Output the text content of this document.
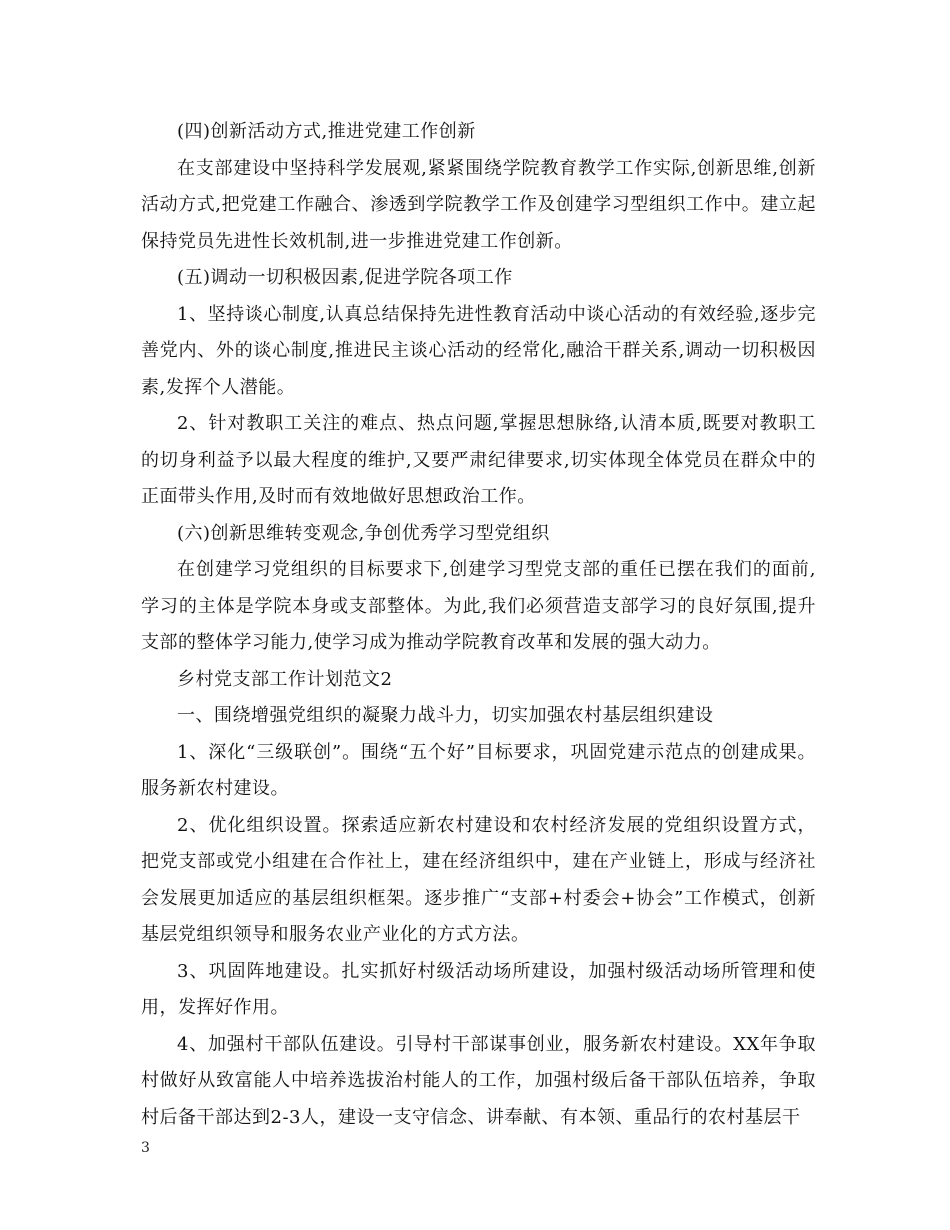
(四)创新活动方式,推进党建工作创新

在支部建设中坚持科学发展观,紧紧围绕学院教育教学工作实际,创新思维,创新活动方式,把党建工作融合、渗透到学院教学工作及创建学习型组织工作中。建立起保持党员先进性长效机制,进一步推进党建工作创新。

(五)调动一切积极因素,促进学院各项工作

1、坚持谈心制度,认真总结保持先进性教育活动中谈心活动的有效经验,逐步完善党内、外的谈心制度,推进民主谈心活动的经常化,融洽干群关系,调动一切积极因素,发挥个人潜能。

2、针对教职工关注的难点、热点问题,掌握思想脉络,认清本质,既要对教职工的切身利益予以最大程度的维护,又要严肃纪律要求,切实体现全体党员在群众中的正面带头作用,及时而有效地做好思想政治工作。

(六)创新思维转变观念,争创优秀学习型党组织

在创建学习党组织的目标要求下,创建学习型党支部的重任已摆在我们的面前,学习的主体是学院本身或支部整体。为此,我们必须营造支部学习的良好氛围,提升支部的整体学习能力,使学习成为推动学院教育改革和发展的强大动力。

乡村党支部工作计划范文2

一、围绕增强党组织的凝聚力战斗力，切实加强农村基层组织建设

1、深化“三级联创”。围绕“五个好”目标要求，巩固党建示范点的创建成果。服务新农村建设。

2、优化组织设置。探索适应新农村建设和农村经济发展的党组织设置方式，把党支部或党小组建在合作社上，建在经济组织中，建在产业链上，形成与经济社会发展更加适应的基层组织框架。逐步推广“支部+村委会+协会”工作模式，创新基层党组织领导和服务农业产业化的方式方法。

3、巩固阵地建设。扎实抓好村级活动场所建设，加强村级活动场所管理和使用，发挥好作用。

4、加强村干部队伍建设。引导村干部谋事创业，服务新农村建设。XX年争取村做好从致富能人中培养选拔治村能人的工作，加强村级后备干部队伍培养，争取村后备干部达到2-3人，建设一支守信念、讲奉献、有本领、重品行的农村基层干

3
